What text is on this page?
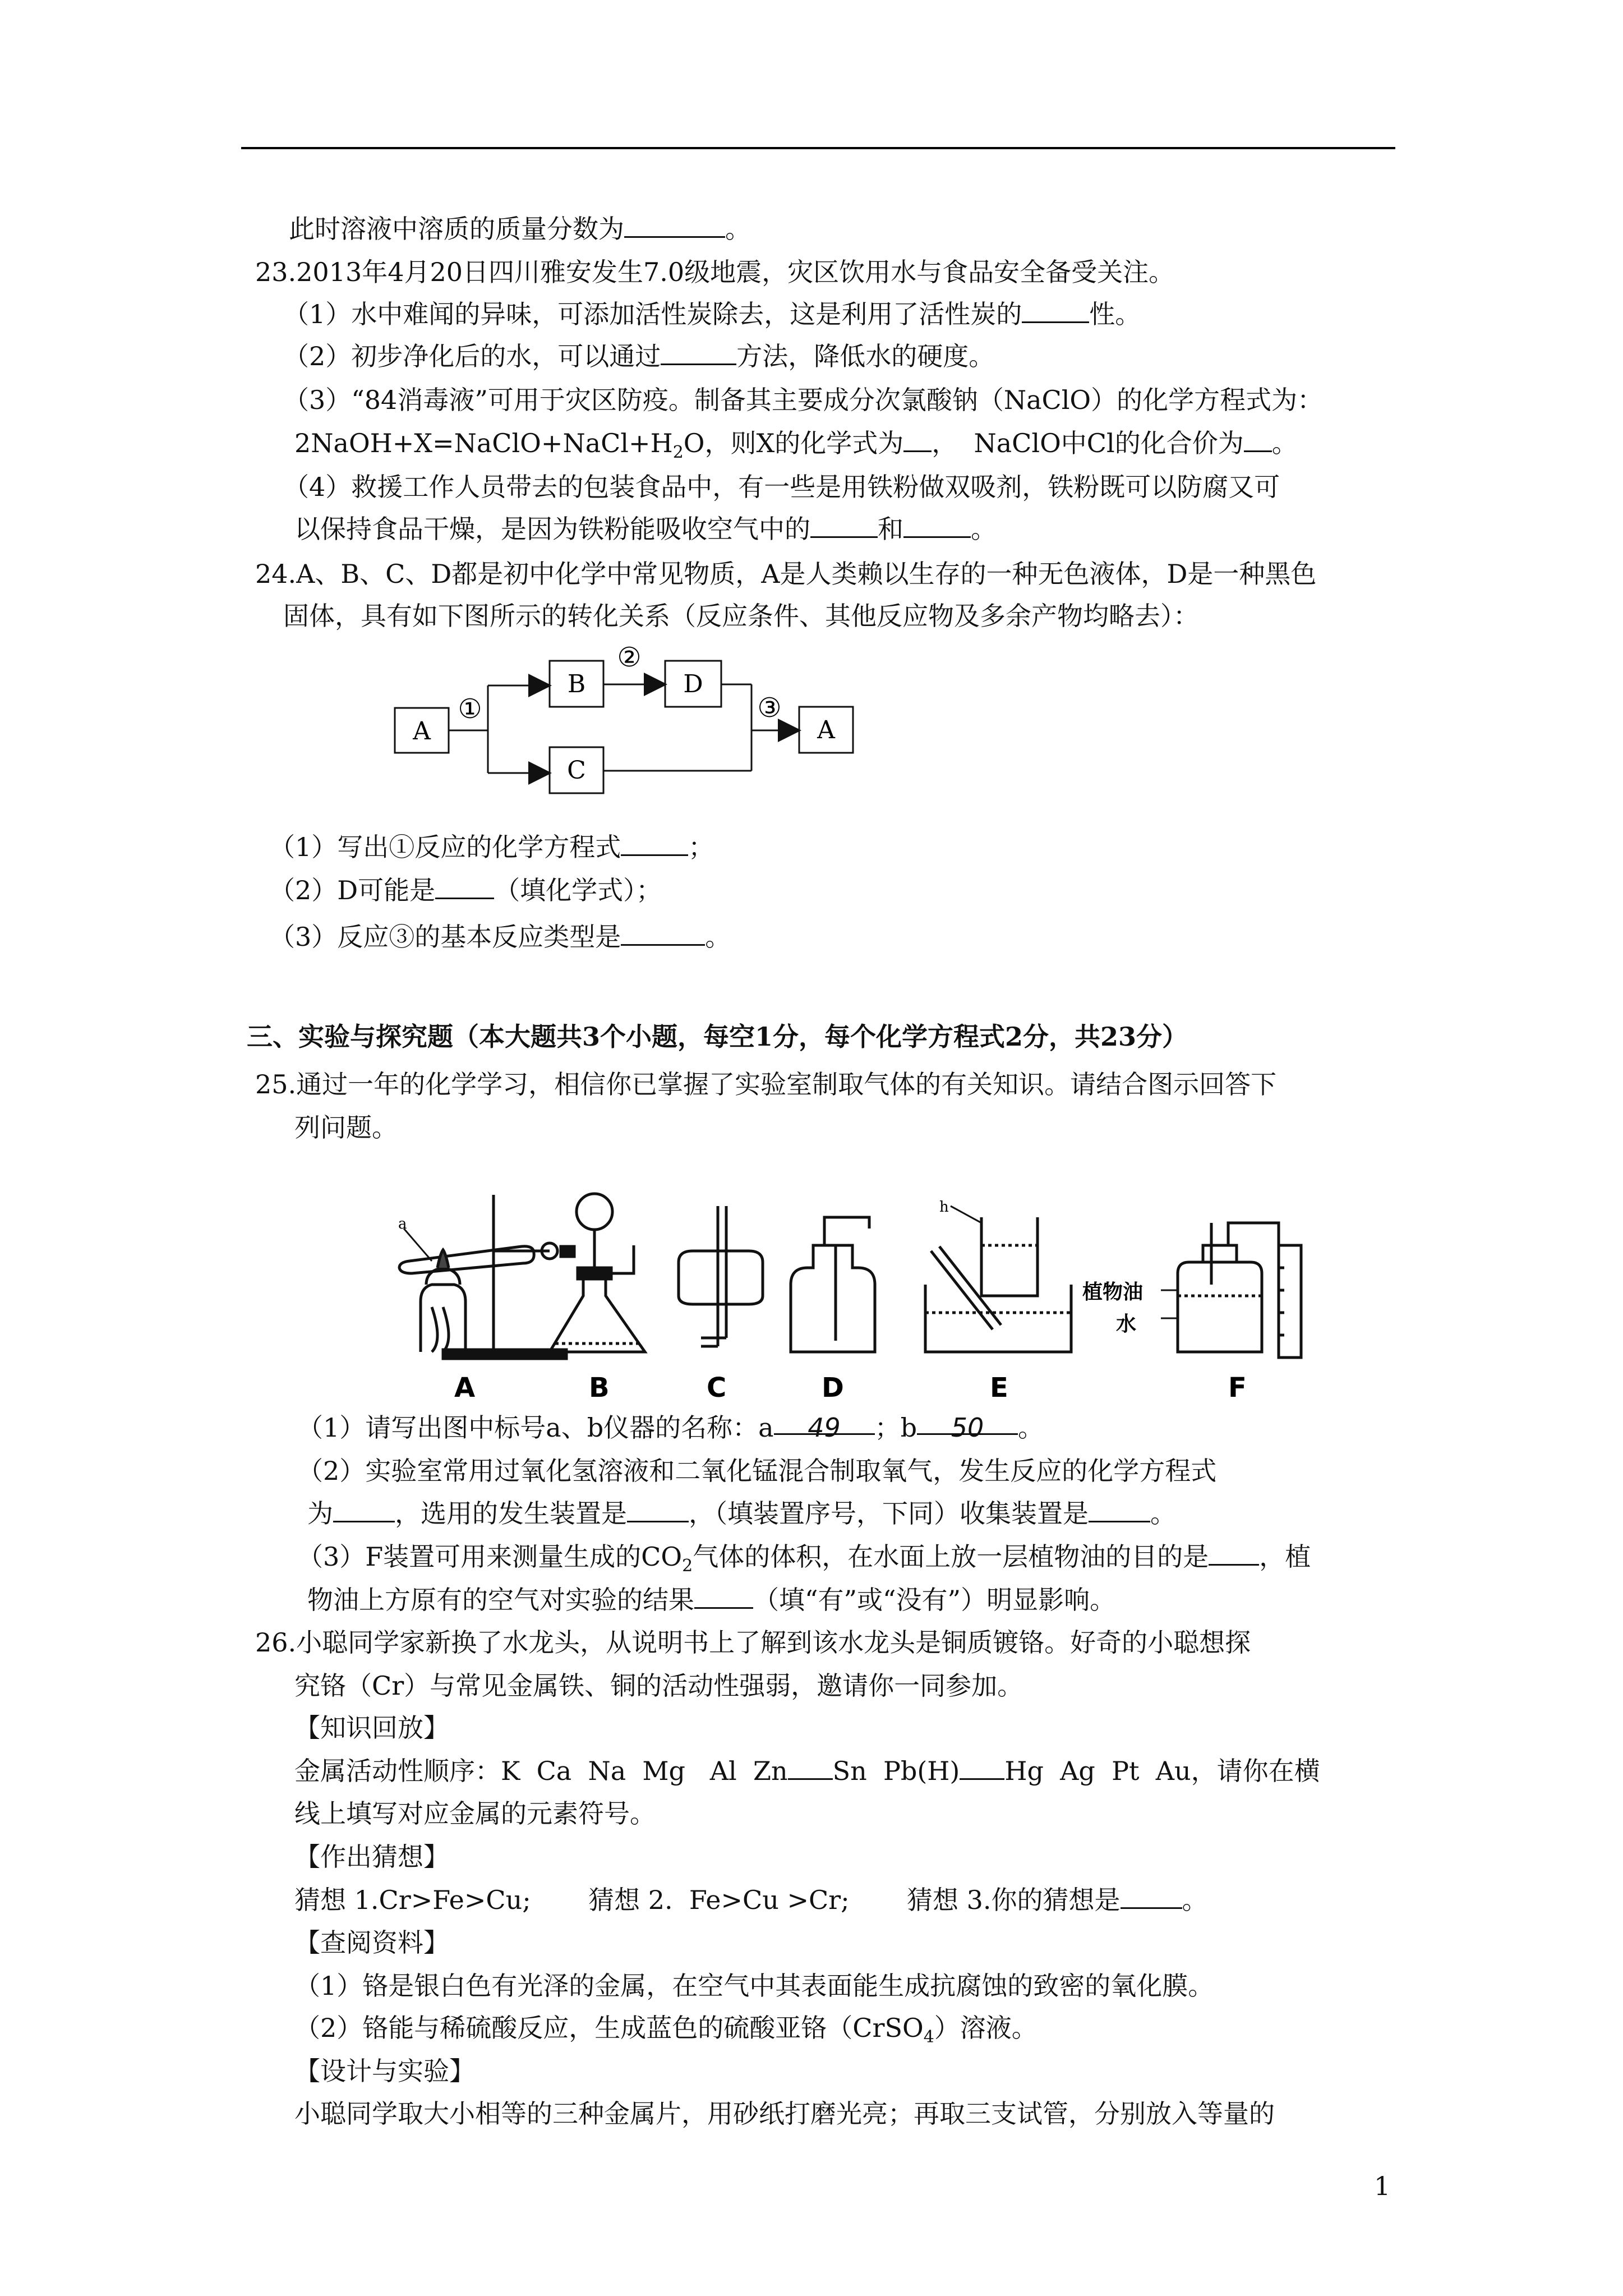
此时溶液中溶质的质量分数为	。
23.2013年4月20日四川雅安发生7.0级地震，灾区饮用水与食品安全备受关注。
（1）水中难闻的异味，可添加活性炭除去，这是利用了活性炭的	性。
（2）初步净化后的水，可以通过	方法，降低水的硬度。
（3）“84消毒液”可用于灾区防疫。制备其主要成分次氯酸钠（NaClO）的化学方程式为：
$2NaOH+X=NaClO+NaCl+H_2O$，则X的化学式为 ，  NaClO中Cl的化合价为 。
（4）救援工作人员带去的包装食品中，有一些是用铁粉做双吸剂，铁粉既可以防腐又可
以保持食品干燥，是因为铁粉能吸收空气中的	和	。
24.A、B、C、D都是初中化学中常见物质，A是人类赖以生存的一种无色液体，D是一种黑色
固体，具有如下图所示的转化关系（反应条件、其他反应物及多余产物均略去）：
A
B	D
C
A
①
②
③
（1）写出①反应的化学方程式	；
（2）D可能是 （填化学式）；
（3）反应③的基本反应类型是	。
三、实验与探究题（本大题共3个小题，每空1分，每个化学方程式2分，共23分）
25.通过一年的化学学习，相信你已掌握了实验室制取气体的有关知识。请结合图示回答下
列问题。
a
h
植物油
水
A	B	C	D	E	F
（1）请写出图中标号a、b仪器的名称：a 49 ；b 50 。
（2）实验室常用过氧化氢溶液和二氧化锰混合制取氧气，发生反应的化学方程式
为 ，选用的发生装置是 ，（填装置序号，下同）收集装置是 。
（3）F装置可用来测量生成的$CO_2$气体的体积，在水面上放一层植物油的目的是 ，植
物油上方原有的空气对实验的结果 （填“有”或“没有”）明显影响。
26.小聪同学家新换了水龙头，从说明书上了解到该水龙头是铜质镀铬。好奇的小聪想探
究铬（Cr）与常见金属铁、铜的活动性强弱，邀请你一同参加。
【知识回放】
金属活动性顺序：K  Ca  Na  Mg   Al  Zn Sn  Pb(H) Hg  Ag  Pt  Au，请你在横
线上填写对应金属的元素符号。
【作出猜想】
猜想 1.Cr>Fe>Cu;       猜想 2.  Fe>Cu >Cr;       猜想 3.你的猜想是 。
【查阅资料】
（1）铬是银白色有光泽的金属，在空气中其表面能生成抗腐蚀的致密的氧化膜。
（2）铬能与稀硫酸反应，生成蓝色的硫酸亚铬（CrSO$_4$）溶液。
【设计与实验】
小聪同学取大小相等的三种金属片，用砂纸打磨光亮；再取三支试管，分别放入等量的
1
